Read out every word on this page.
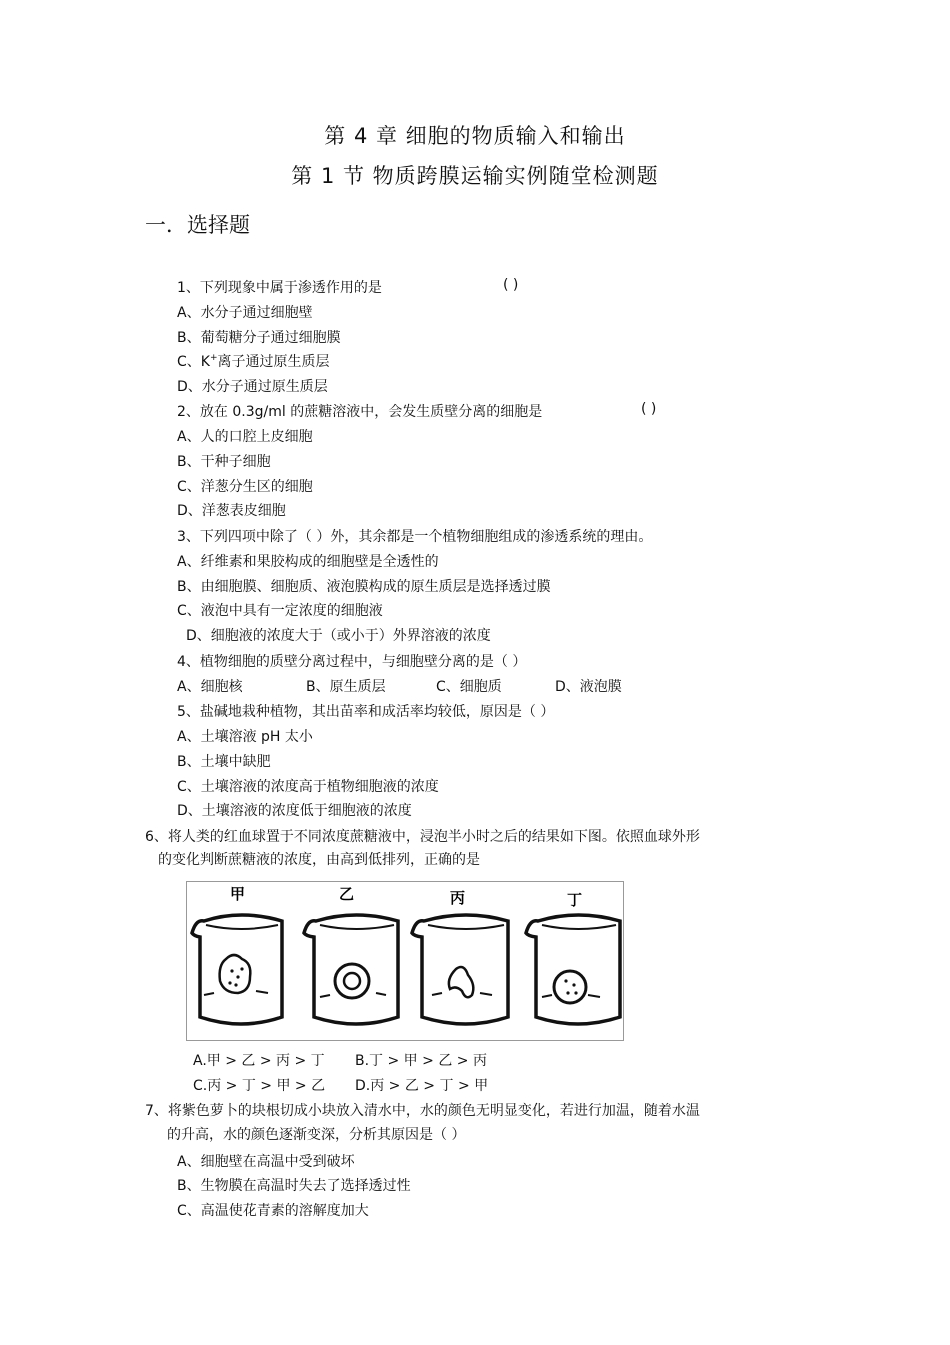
第 4 章 细胞的物质输入和输出
第 1 节 物质跨膜运输实例随堂检测题
一．选择题
1、下列现象中属于渗透作用的是	( )
A、水分子通过细胞壁
B、葡萄糖分子通过细胞膜
C、K+离子通过原生质层
D、水分子通过原生质层
2、放在 0.3g/ml 的蔗糖溶液中，会发生质壁分离的细胞是	( )
A、人的口腔上皮细胞
B、干种子细胞
C、洋葱分生区的细胞
D、洋葱表皮细胞
3、下列四项中除了（ ）外，其余都是一个植物细胞组成的渗透系统的理由。
A、纤维素和果胶构成的细胞壁是全透性的
B、由细胞膜、细胞质、液泡膜构成的原生质层是选择透过膜
C、液泡中具有一定浓度的细胞液
D、细胞液的浓度大于（或小于）外界溶液的浓度
4、植物细胞的质壁分离过程中，与细胞壁分离的是（ ）
A、细胞核	B、原生质层	C、细胞质	D、液泡膜
5、盐碱地栽种植物，其出苗率和成活率均较低，原因是（ ）
A、土壤溶液 pH 太小
B、土壤中缺肥
C、土壤溶液的浓度高于植物细胞液的浓度
D、土壤溶液的浓度低于细胞液的浓度
6、将人类的红血球置于不同浓度蔗糖液中，浸泡半小时之后的结果如下图。依照血球外形
的变化判断蔗糖液的浓度，由高到低排列，正确的是
甲	乙	丙	丁
A.甲 > 乙 > 丙 > 丁 B.丁 > 甲 > 乙 > 丙
C.丙 > 丁 > 甲 > 乙 D.丙 > 乙 > 丁 > 甲
7、将紫色萝卜的块根切成小块放入清水中，水的颜色无明显变化，若进行加温，随着水温
的升高，水的颜色逐渐变深，分析其原因是（ ）
A、细胞壁在高温中受到破坏
B、生物膜在高温时失去了选择透过性
C、高温使花青素的溶解度加大
